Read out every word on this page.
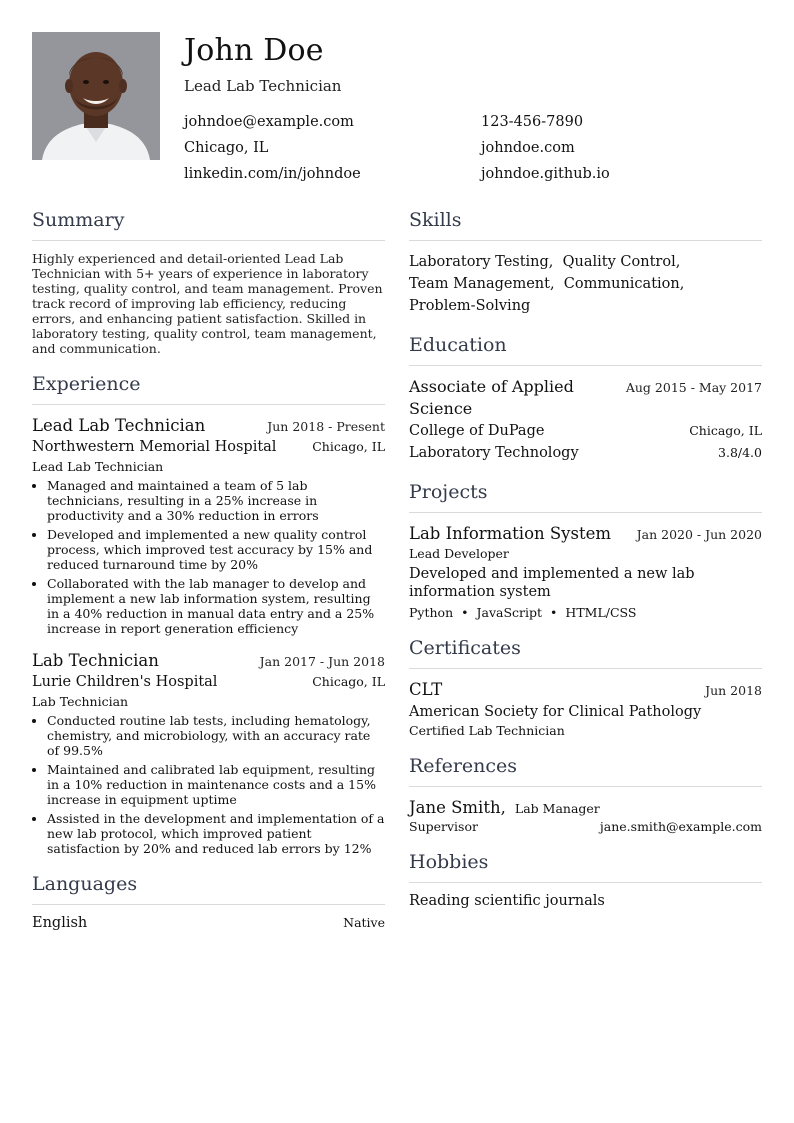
John Doe
Lead Lab Technician
johndoe@example.com	123-456-7890
Chicago, IL	johndoe.com
linkedin.com/in/johndoe	johndoe.github.io
Summary
Highly experienced and detail-oriented Lead Lab Technician with 5+ years of experience in laboratory testing, quality control, and team management. Proven track record of improving lab efficiency, reducing errors, and enhancing patient satisfaction. Skilled in laboratory testing, quality control, team management, and communication.
Experience
Lead Lab Technician	Jun 2018 - Present
Northwestern Memorial Hospital	Chicago, IL
Lead Lab Technician
• Managed and maintained a team of 5 lab technicians, resulting in a 25% increase in productivity and a 30% reduction in errors
• Developed and implemented a new quality control process, which improved test accuracy by 15% and reduced turnaround time by 20%
• Collaborated with the lab manager to develop and implement a new lab information system, resulting in a 40% reduction in manual data entry and a 25% increase in report generation efficiency
Lab Technician	Jan 2017 - Jun 2018
Lurie Children's Hospital	Chicago, IL
Lab Technician
• Conducted routine lab tests, including hematology, chemistry, and microbiology, with an accuracy rate of 99.5%
• Maintained and calibrated lab equipment, resulting in a 10% reduction in maintenance costs and a 15% increase in equipment uptime
• Assisted in the development and implementation of a new lab protocol, which improved patient satisfaction by 20% and reduced lab errors by 12%
Languages
English	Native
Skills
Laboratory Testing, Quality Control,
Team Management, Communication,
Problem-Solving
Education
Associate of Applied Science
Aug 2015 - May 2017
College of DuPage	Chicago, IL
Laboratory Technology	3.8/4.0
Projects
Lab Information System Jan 2020 - Jun 2020
Lead Developer
Developed and implemented a new lab information system
Python • JavaScript • HTML/CSS
Certificates
CLT	Jun 2018
American Society for Clinical Pathology
Certified Lab Technician
References
Jane Smith, Lab Manager
Supervisor	jane.smith@example.com
Hobbies
Reading scientific journals
